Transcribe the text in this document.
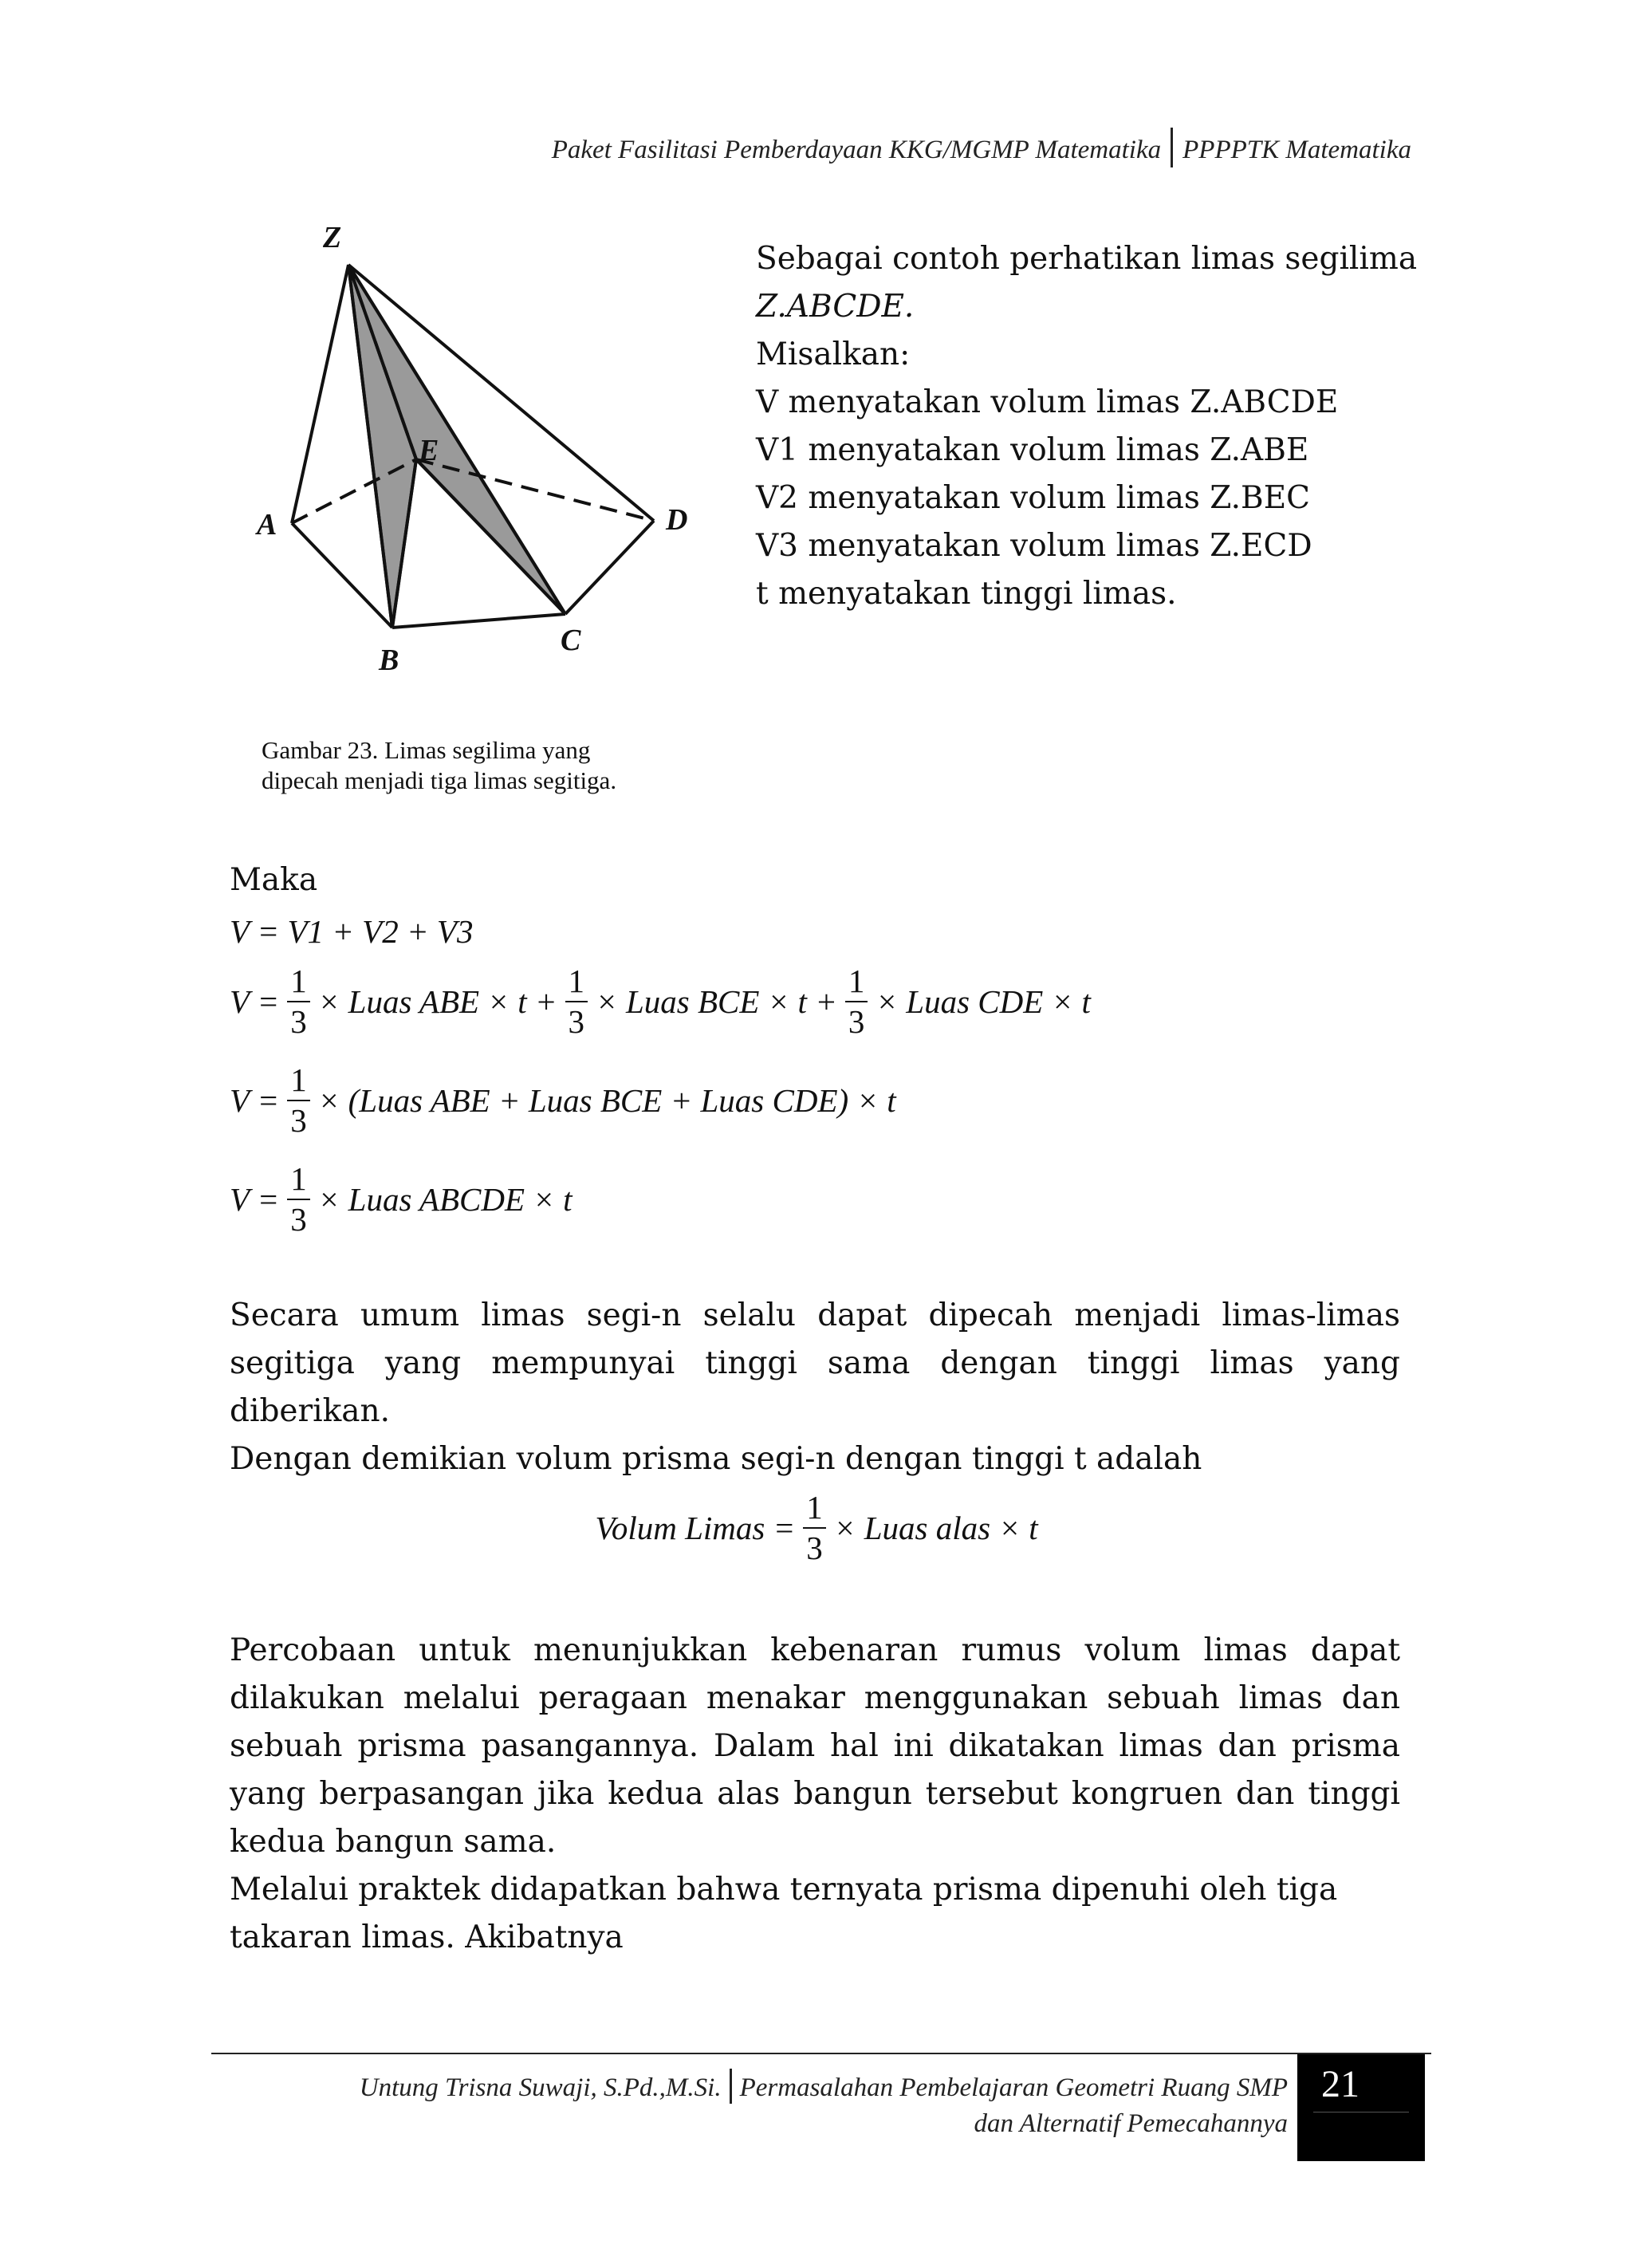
Paket Fasilitasi Pemberdayaan KKG/MGMP Matematika PPPPTK Matematika
Z
E
A	D
B
C
Gambar 23. Limas segilima yang
dipecah menjadi tiga limas segitiga.
Sebagai contoh perhatikan limas segilima
Z.ABCDE.
Misalkan:
V menyatakan volum limas Z.ABCDE
V1 menyatakan volum limas Z.ABE
V2 menyatakan volum limas Z.BEC
V3 menyatakan volum limas Z.ECD
t menyatakan tinggi limas.
Maka
V = V1 + V2 + V3
$V = \frac{1}{3}$ × Luas ABE × $t + \frac{1}{3}$ × Luas BCE × $t + \frac{1}{3}$ × Luas CDE × t
$V = \frac{1}{3}$ × (Luas ABE + Luas BCE + Luas CDE) × t
$V = \frac{1}{3}$ × Luas ABCDE × t
Secara umum limas segi-n selalu dapat dipecah menjadi limas-limas
segitiga yang mempunyai tinggi sama dengan tinggi limas yang diberikan.
Dengan demikian volum prisma segi-n dengan tinggi t adalah
Volum Limas = $\frac{1}{3}$ × Luas alas × t
Percobaan untuk menunjukkan kebenaran rumus volum limas dapat
dilakukan melalui peragaan menakar menggunakan sebuah limas dan
sebuah prisma pasangannya. Dalam hal ini dikatakan limas dan prisma
yang berpasangan jika kedua alas bangun tersebut kongruen dan tinggi
kedua bangun sama.
Melalui praktek didapatkan bahwa ternyata prisma dipenuhi oleh tiga
takaran limas. Akibatnya
Untung Trisna Suwaji, S.Pd.,M.Si. Permasalahan Pembelajaran Geometri Ruang SMP
dan Alternatif Pemecahannya
21
